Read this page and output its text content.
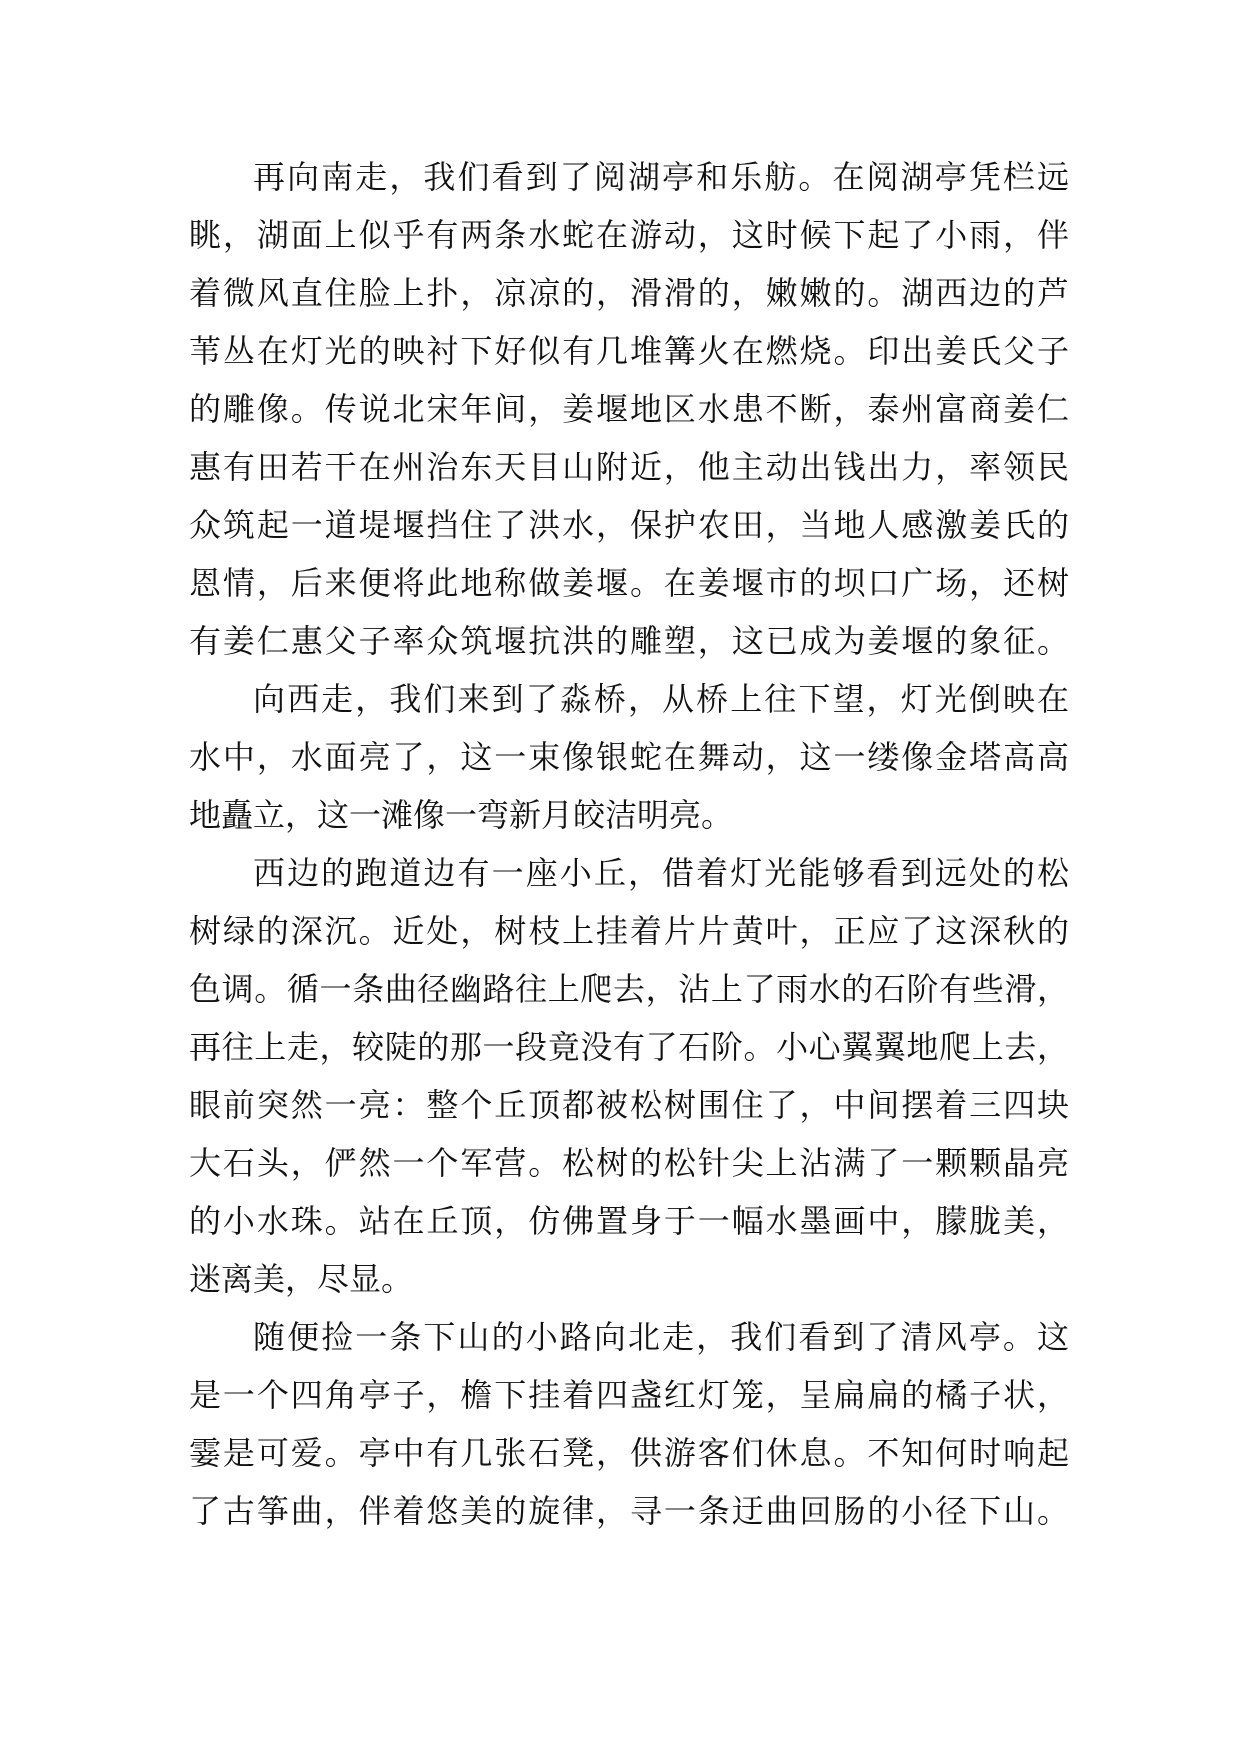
再向南走，我们看到了阅湖亭和乐舫。在阅湖亭凭栏远
眺，湖面上似乎有两条水蛇在游动，这时候下起了小雨，伴
着微风直住脸上扑，凉凉的，滑滑的，嫩嫩的。湖西边的芦
苇丛在灯光的映衬下好似有几堆篝火在燃烧。印出姜氏父子
的雕像。传说北宋年间，姜堰地区水患不断，泰州富商姜仁
惠有田若干在州治东天目山附近，他主动出钱出力，率领民
众筑起一道堤堰挡住了洪水，保护农田，当地人感激姜氏的
恩情，后来便将此地称做姜堰。在姜堰市的坝口广场，还树
有姜仁惠父子率众筑堰抗洪的雕塑，这已成为姜堰的象征。
向西走，我们来到了淼桥，从桥上往下望，灯光倒映在
水中，水面亮了，这一束像银蛇在舞动，这一缕像金塔高高
地矗立，这一滩像一弯新月皎洁明亮。
西边的跑道边有一座小丘，借着灯光能够看到远处的松
树绿的深沉。近处，树枝上挂着片片黄叶，正应了这深秋的
色调。循一条曲径幽路往上爬去，沾上了雨水的石阶有些滑，
再往上走，较陡的那一段竟没有了石阶。小心翼翼地爬上去，
眼前突然一亮：整个丘顶都被松树围住了，中间摆着三四块
大石头，俨然一个军营。松树的松针尖上沾满了一颗颗晶亮
的小水珠。站在丘顶，仿佛置身于一幅水墨画中，朦胧美，
迷离美，尽显。
随便捡一条下山的小路向北走，我们看到了清风亭。这
是一个四角亭子，檐下挂着四盏红灯笼，呈扁扁的橘子状，
霎是可爱。亭中有几张石凳，供游客们休息。不知何时响起
了古筝曲，伴着悠美的旋律，寻一条迂曲回肠的小径下山。
